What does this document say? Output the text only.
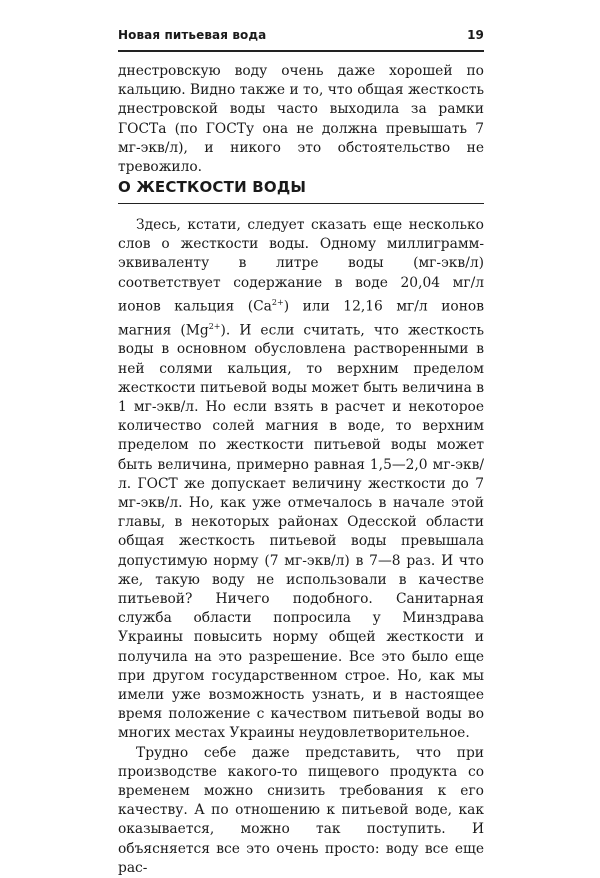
Новая питьевая вода	19

днестровскую воду очень даже хорошей по кальцию. Видно также и то, что общая жесткость днестровской воды часто выходила за рамки ГОСТа (по ГОСТу она не должна превышать 7 мг-экв/л), и никого это обстоятельство не тревожило.

О ЖЕСТКОСТИ ВОДЫ

Здесь, кстати, следует сказать еще несколько слов о жесткости воды. Одному миллиграмм-эквиваленту в литре воды (мг-экв/л) соответствует содержание в воде 20,04 мг/л ионов кальция $(Ca^{2+})$ или 12,16 мг/л ионов магния $(Mg^{2+})$. И если считать, что жесткость воды в основном обусловлена растворенными в ней солями кальция, то верхним пределом жесткости питьевой воды может быть величина в 1 мг-экв/л. Но если взять в расчет и некоторое количество солей магния в воде, то верхним пределом по жесткости питьевой воды может быть величина, примерно равная 1,5—2,0 мг-экв/л. ГОСТ же допускает величину жесткости до 7 мг-экв/л. Но, как уже отмечалось в начале этой главы, в некоторых районах Одесской области общая жесткость питьевой воды превышала допустимую норму (7 мг-экв/л) в 7—8 раз. И что же, такую воду не использовали в качестве питьевой? Ничего подобного. Санитарная служба области попросила у Минздрава Украины повысить норму общей жесткости и получила на это разрешение. Все это было еще при другом государственном строе. Но, как мы имели уже возможность узнать, и в настоящее время положение с качеством питьевой воды во многих местах Украины неудовлетворительное.

Трудно себе даже представить, что при производстве какого-то пищевого продукта со временем можно снизить требования к его качеству. А по отношению к питьевой воде, как оказывается, можно так поступить. И объясняется все это очень просто: воду все еще рас-
